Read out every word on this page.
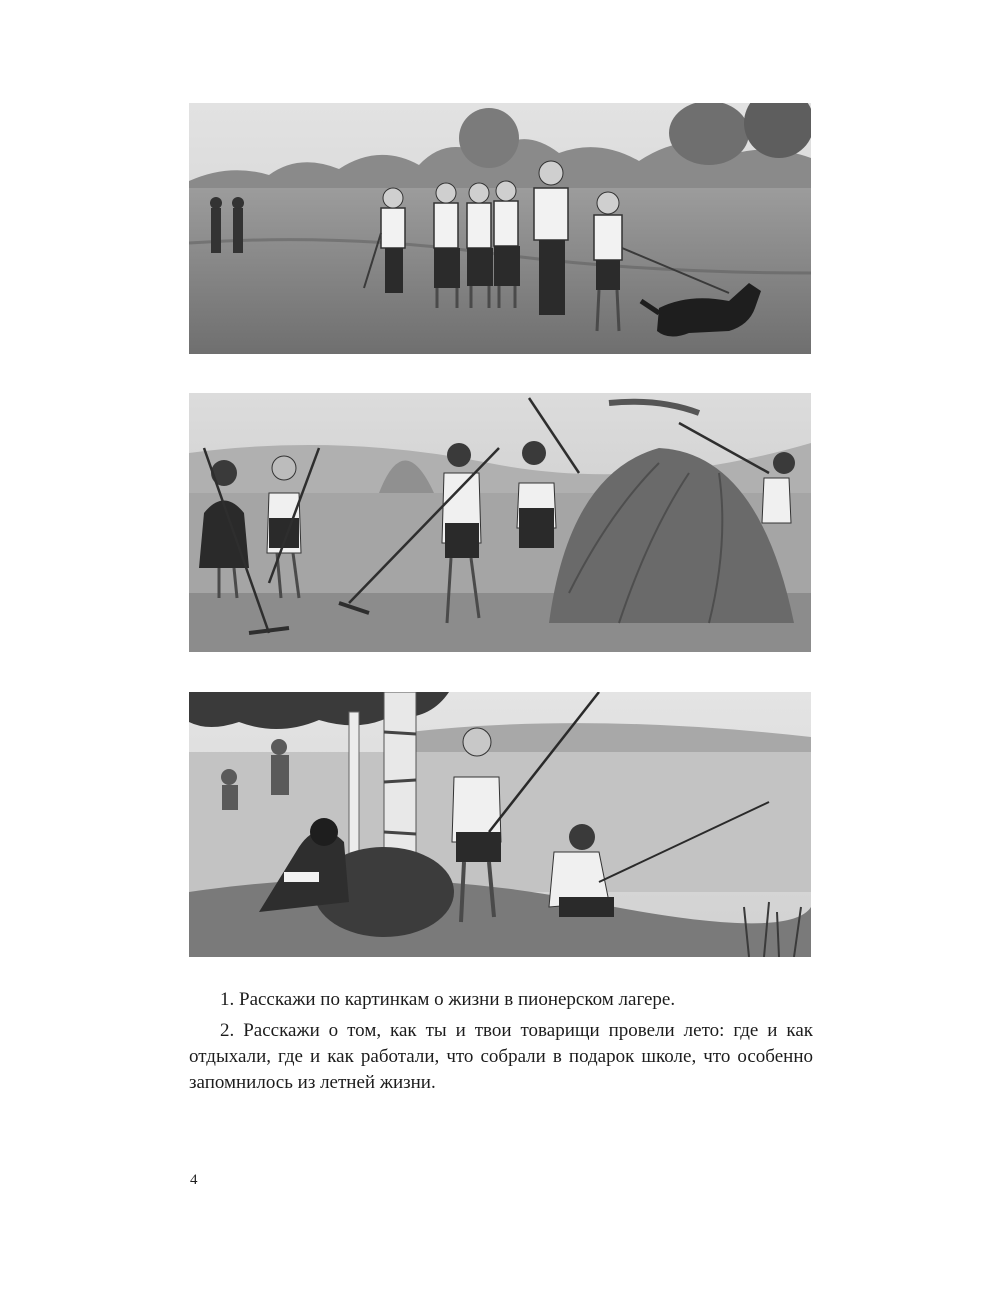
1. Расскажи по картинкам о жизни в пионерском лагере.

2. Расскажи о том, как ты и твои товарищи провели лето: где и как отдыхали, где и как работали, что собрали в подарок школе, что особенно запомнилось из летней жизни.

4
